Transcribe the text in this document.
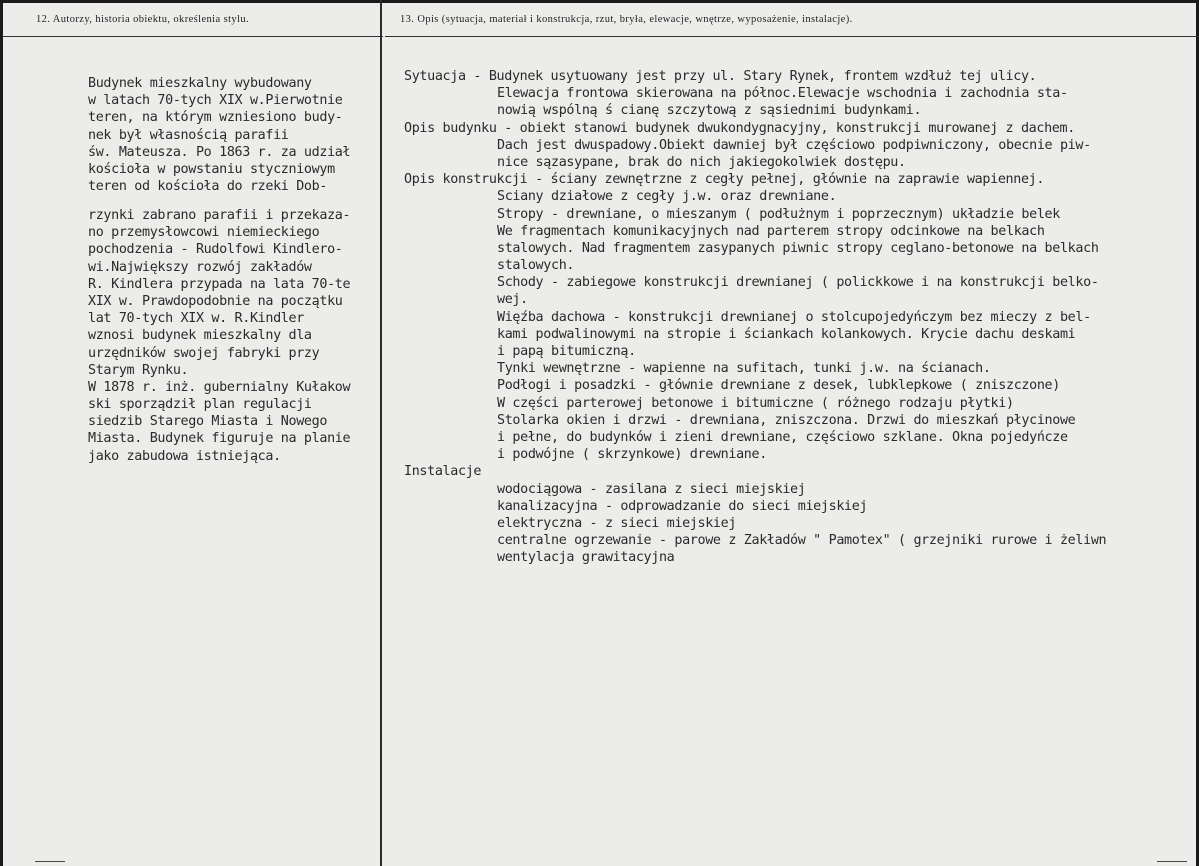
12. Autorzy, historia obiektu, określenia stylu.	13. Opis (sytuacja, materiał i konstrukcja, rzut, bryła, elewacje, wnętrze, wyposażenie, instalacje).
Budynek mieszkalny wybudowany
w latach 70-tych XIX w.Pierwotnie
teren, na którym wzniesiono budy-
nek był własnością parafii
św. Mateusza. Po 1863 r. za udział
kościoła w powstaniu styczniowym
teren od kościoła do rzeki Dob-
rzynki zabrano parafii i przekaza-
no przemysłowcowi niemieckiego
pochodzenia - Rudolfowi Kindlero-
wi.Największy rozwój zakładów
R. Kindlera przypada na lata 70-te
XIX w. Prawdopodobnie na początku
lat 70-tych XIX w. R.Kindler
wznosi budynek mieszkalny dla
urzędników swojej fabryki przy
Starym Rynku.
W 1878 r. inż. gubernialny Kułakow
ski sporządził plan regulacji
siedzib Starego Miasta i Nowego
Miasta. Budynek figuruje na planie
jako zabudowa istniejąca.
Sytuacja - Budynek usytuowany jest przy ul. Stary Rynek, frontem wzdłuż tej ulicy.
Elewacja frontowa skierowana na północ.Elewacje wschodnia i zachodnia sta-
nowią wspólną ś cianę szczytową z sąsiednimi budynkami.
Opis budynku - obiekt stanowi budynek dwukondygnacyjny, konstrukcji murowanej z dachem.
Dach jest dwuspadowy.Obiekt dawniej był częściowo podpiwniczony, obecnie piw-
nice sązasypane, brak do nich jakiegokolwiek dostępu.
Opis konstrukcji - ściany zewnętrzne z cegły pełnej, głównie na zaprawie wapiennej.
Sciany działowe z cegły j.w. oraz drewniane.
Stropy - drewniane, o mieszanym ( podłużnym i poprzecznym) układzie belek
We fragmentach komunikacyjnych nad parterem stropy odcinkowe na belkach
stalowych. Nad fragmentem zasypanych piwnic stropy ceglano-betonowe na belkach
stalowych.
Schody - zabiegowe konstrukcji drewnianej ( polickkowe i na konstrukcji belko-
wej.
Więźba dachowa - konstrukcji drewnianej o stolcupojedyńczym bez mieczy z bel-
kami podwalinowymi na stropie i ściankach kolankowych. Krycie dachu deskami
i papą bitumiczną.
Tynki wewnętrzne - wapienne na sufitach, tunki j.w. na ścianach.
Podłogi i posadzki - głównie drewniane z desek, lubklepkowe ( zniszczone)
W części parterowej betonowe i bitumiczne ( różnego rodzaju płytki)
Stolarka okien i drzwi - drewniana, zniszczona. Drzwi do mieszkań płycinowe
i pełne, do budynków i zieni drewniane, częściowo szklane. Okna pojedyńcze
i podwójne ( skrzynkowe) drewniane.
Instalacje
wodociągowa - zasilana z sieci miejskiej
kanalizacyjna - odprowadzanie do sieci miejskiej
elektryczna - z sieci miejskiej
centralne ogrzewanie - parowe z Zakładów " Pamotex" ( grzejniki rurowe i żeliwn
wentylacja grawitacyjna
